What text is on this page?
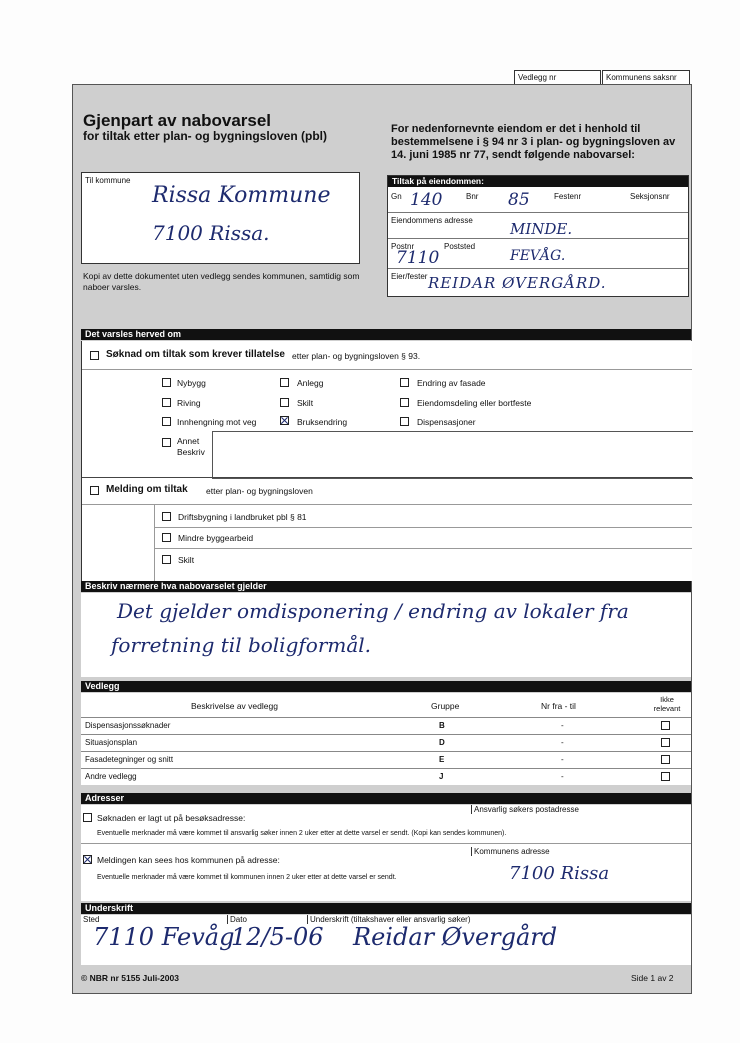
Vedlegg nr	Kommunens saksnr
Gjenpart av nabovarsel
for tiltak etter plan- og bygningsloven (pbl)	For nedenfornevnte eiendom er det i henhold til bestemmelsene i § 94 nr 3 i plan- og bygningsloven av 14. juni 1985 nr 77, sendt følgende nabovarsel:
Til kommune
Rissa Kommune
7100 Rissa.
Kopi av dette dokumentet uten vedlegg sendes kommunen, samtidig som naboer varsles.
Tiltak på eiendommen:
Gn 140	Bnr 85	Festenr	Seksjonsnr
Eiendommens adresse MINDE.
Postnr
7110
Poststed
FEVÅG.
Eier/fester REIDAR ØVERGÅRD.
Det varsles herved om
Søknad om tiltak som krever tillatelse etter plan- og bygningsloven § 93.
Nybygg	Anlegg	Endring av fasade
Riving	Skilt	Eiendomsdeling eller bortfeste
Innhengning mot veg	Bruksendring	Dispensasjoner
Annet
Beskriv
Melding om tiltak etter plan- og bygningsloven
Driftsbygning i landbruket pbl § 81
Mindre byggearbeid
Skilt
Beskriv nærmere hva nabovarselet gjelder
Det gjelder omdisponering / endring av lokaler fra
forretning til boligformål.
Vedlegg
Beskrivelse av vedlegg	Gruppe	Nr fra - til
Ikke relevant
Dispensasjonssøknader	B	-
Situasjonsplan	D	-
Fasadetegninger og snitt	E	-
Andre vedlegg	J	-
Adresser
Søknaden er lagt ut på besøksadresse:
Ansvarlig søkers postadresse
Eventuelle merknader må være kommet til ansvarlig søker innen 2 uker etter at dette varsel er sendt. (Kopi kan sendes kommunen).
Meldingen kan sees hos kommunen på adresse:
Kommunens adresse
7100 Rissa
Eventuelle merknader må være kommet til kommunen innen 2 uker etter at dette varsel er sendt.
Underskrift
Sted
7110 Fevåg
Dato
12/5-06
Underskrift (tiltakshaver eller ansvarlig søker)
Reidar Øvergård
© NBR nr 5155 Juli-2003	Side 1 av 2
